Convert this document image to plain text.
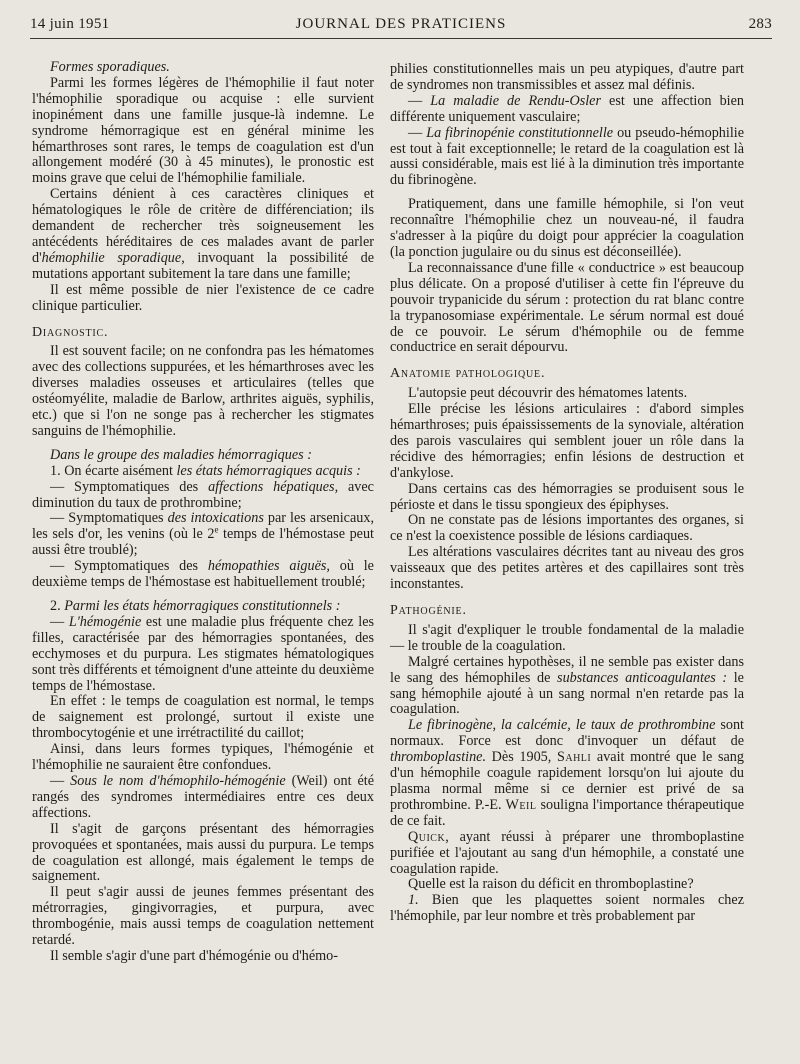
14 juin 1951	JOURNAL DES PRATICIENS	283

Formes sporadiques.

Parmi les formes légères de l'hémophilie il faut noter l'hémophilie sporadique ou acquise : elle survient inopinément dans une famille jusque-là indemne. Le syndrome hémorragique est en général minime les hémarthroses sont rares, le temps de coagulation est d'un allongement modéré (30 à 45 minutes), le pronostic est moins grave que celui de l'hémophilie familiale.

Certains dénient à ces caractères cliniques et hématologiques le rôle de critère de différenciation; ils demandent de rechercher très soigneusement les antécédents héréditaires de ces malades avant de parler d'hémophilie sporadique, invoquant la possibilité de mutations apportant subitement la tare dans une famille;

Il est même possible de nier l'existence de ce cadre clinique particulier.

Diagnostic.

Il est souvent facile; on ne confondra pas les hématomes avec des collections suppurées, et les hémarthroses avec les diverses maladies osseuses et articulaires (telles que ostéomyélite, maladie de Barlow, arthrites aiguës, syphilis, etc.) que si l'on ne songe pas à rechercher les stigmates sanguins de l'hémophilie.

Dans le groupe des maladies hémorragiques :

1. On écarte aisément les états hémorragiques acquis :

— Symptomatiques des affections hépatiques, avec diminution du taux de prothrombine;

— Symptomatiques des intoxications par les arsenicaux, les sels d'or, les venins (où le 2e temps de l'hémostase peut aussi être troublé);

— Symptomatiques des hémopathies aiguës, où le deuxième temps de l'hémostase est habituellement troublé;

2. Parmi les états hémorragiques constitutionnels :

— L'hémogénie est une maladie plus fréquente chez les filles, caractérisée par des hémorragies spontanées, des ecchymoses et du purpura. Les stigmates hématologiques sont très différents et témoignent d'une atteinte du deuxième temps de l'hémostase.

En effet : le temps de coagulation est normal, le temps de saignement est prolongé, surtout il existe une thrombocytogénie et une irrétractilité du caillot;

Ainsi, dans leurs formes typiques, l'hémogénie et l'hémophilie ne sauraient être confondues.

— Sous le nom d'hémophilo-hémogénie (Weil) ont été rangés des syndromes intermédiaires entre ces deux affections.

Il s'agit de garçons présentant des hémorragies provoquées et spontanées, mais aussi du purpura. Le temps de coagulation est allongé, mais également le temps de saignement.

Il peut s'agir aussi de jeunes femmes présentant des métrorragies, gingivorragies, et purpura, avec thrombogénie, mais aussi temps de coagulation nettement retardé.

Il semble s'agir d'une part d'hémogénie ou d'hémo-

philies constitutionnelles mais un peu atypiques, d'autre part de syndromes non transmissibles et assez mal définis.

— La maladie de Rendu-Osler est une affection bien différente uniquement vasculaire;

— La fibrinopénie constitutionnelle ou pseudo-hémophilie est tout à fait exceptionnelle; le retard de la coagulation est là aussi considérable, mais est lié à la diminution très importante du fibrinogène.

Pratiquement, dans une famille hémophile, si l'on veut reconnaître l'hémophilie chez un nouveau-né, il faudra s'adresser à la piqûre du doigt pour apprécier la coagulation (la ponction jugulaire ou du sinus est déconseillée).

La reconnaissance d'une fille « conductrice » est beaucoup plus délicate. On a proposé d'utiliser à cette fin l'épreuve du pouvoir trypanicide du sérum : protection du rat blanc contre la trypanosomiase expérimentale. Le sérum normal est doué de ce pouvoir. Le sérum d'hémophile ou de femme conductrice en serait dépourvu.

Anatomie pathologique.

L'autopsie peut découvrir des hématomes latents.

Elle précise les lésions articulaires : d'abord simples hémarthroses; puis épaississements de la synoviale, altération des parois vasculaires qui semblent jouer un rôle dans la récidive des hémorragies; enfin lésions de destruction et d'ankylose.

Dans certains cas des hémorragies se produisent sous le périoste et dans le tissu spongieux des épiphyses.

On ne constate pas de lésions importantes des organes, si ce n'est la coexistence possible de lésions cardiaques.

Les altérations vasculaires décrites tant au niveau des gros vaisseaux que des petites artères et des capillaires sont très inconstantes.

Pathogénie.

Il s'agit d'expliquer le trouble fondamental de la maladie — le trouble de la coagulation.

Malgré certaines hypothèses, il ne semble pas exister dans le sang des hémophiles de substances anticoagulantes : le sang hémophile ajouté à un sang normal n'en retarde pas la coagulation.

Le fibrinogène, la calcémie, le taux de prothrombine sont normaux. Force est donc d'invoquer un défaut de thromboplastine. Dès 1905, Sahli avait montré que le sang d'un hémophile coagule rapidement lorsqu'on lui ajoute du plasma normal même si ce dernier est privé de sa prothrombine. P.-E. Weil souligna l'importance thérapeutique de ce fait.

Quick, ayant réussi à préparer une thromboplastine purifiée et l'ajoutant au sang d'un hémophile, a constaté une coagulation rapide.

Quelle est la raison du déficit en thromboplastine?

1. Bien que les plaquettes soient normales chez l'hémophile, par leur nombre et très probablement par
